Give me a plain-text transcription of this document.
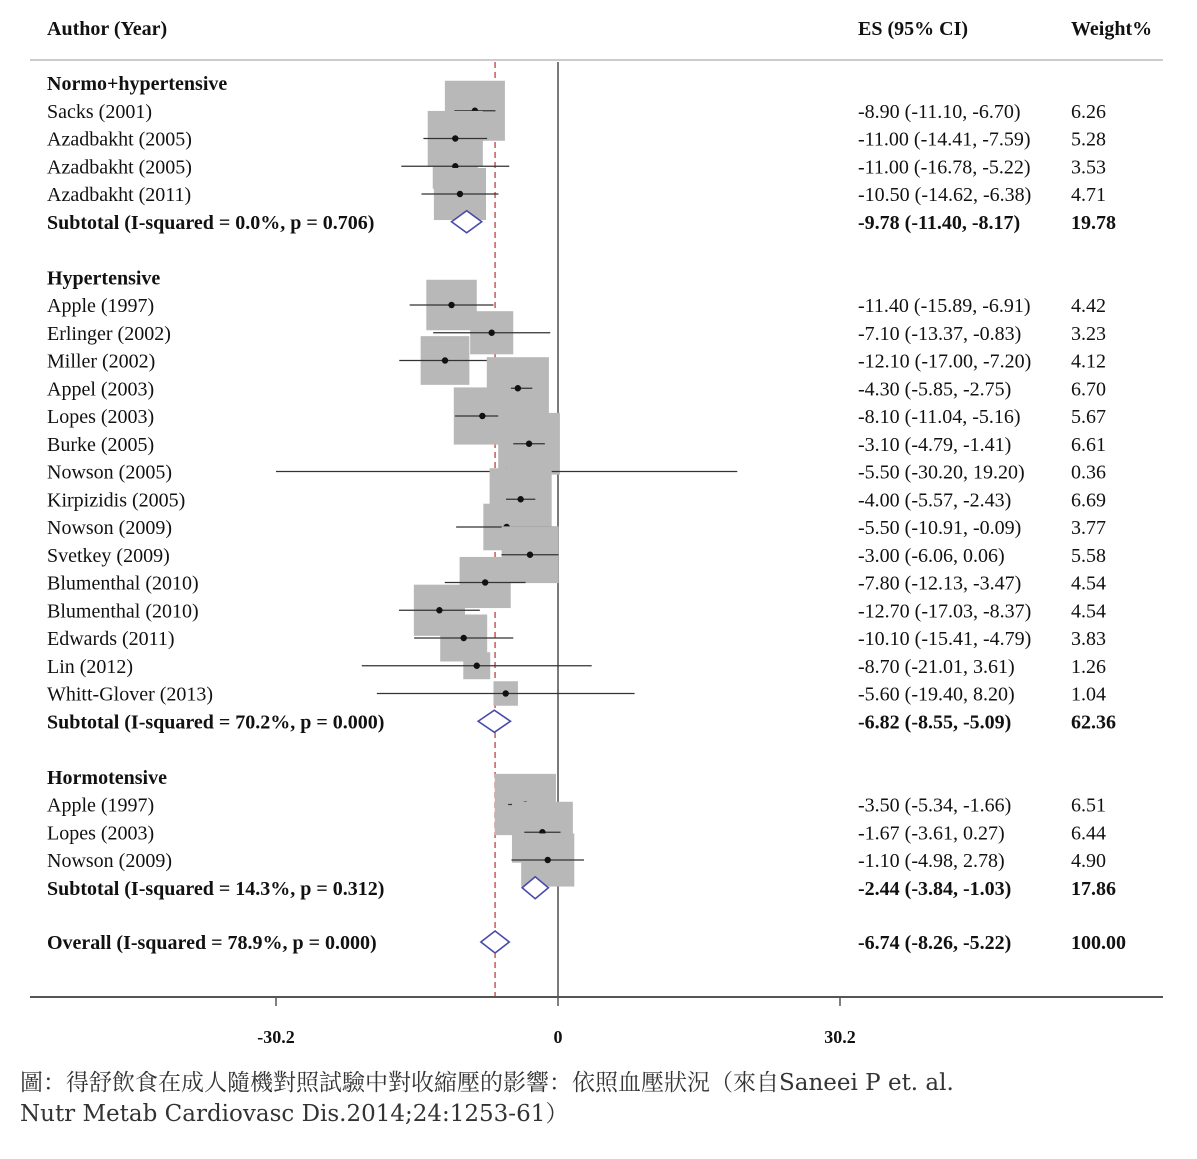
Author (Year)	ES (95% CI)	Weight%
Normo+hypertensive
Sacks (2001)	-8.90 (-11.10, -6.70)	6.26
Azadbakht (2005)	-11.00 (-14.41, -7.59) 5.28
Azadbakht (2005)	-11.00 (-16.78, -5.22) 3.53
Azadbakht (2011)	-10.50 (-14.62, -6.38) 4.71
Subtotal (I-squared = 0.0%, p = 0.706)	-9.78 (-11.40, -8.17)	19.78
Hypertensive
Apple (1997)	-11.40 (-15.89, -6.91) 4.42
Erlinger (2002)	-7.10 (-13.37, -0.83) 3.23
Miller (2002)	-12.10 (-17.00, -7.20) 4.12
Appel (2003)	-4.30 (-5.85, -2.75)	6.70
Lopes (2003)	-8.10 (-11.04, -5.16)	5.67
Burke (2005)	-3.10 (-4.79, -1.41)	6.61
Nowson (2005)	-5.50 (-30.20, 19.20) 0.36
Kirpizidis (2005)	-4.00 (-5.57, -2.43)	6.69
Nowson (2009)	-5.50 (-10.91, -0.09) 3.77
Svetkey (2009)	-3.00 (-6.06, 0.06)	5.58
Blumenthal (2010)	-7.80 (-12.13, -3.47) 4.54
Blumenthal (2010)	-12.70 (-17.03, -8.37) 4.54
Edwards (2011)	-10.10 (-15.41, -4.79) 3.83
Lin (2012)	-8.70 (-21.01, 3.61)	1.26
Whitt-Glover (2013)	-5.60 (-19.40, 8.20)	1.04
Subtotal (I-squared = 70.2%, p = 0.000)	-6.82 (-8.55, -5.09)	62.36
Hormotensive
Apple (1997)	-3.50 (-5.34, -1.66)	6.51
Lopes (2003)	-1.67 (-3.61, 0.27)	6.44
Nowson (2009)	-1.10 (-4.98, 2.78)	4.90
Subtotal (I-squared = 14.3%, p = 0.312)	-2.44 (-3.84, -1.03)	17.86
Overall (I-squared = 78.9%, p = 0.000)	-6.74 (-8.26, -5.22)	100.00
-30.2	0	30.2
圖：得舒飲食在成人隨機對照試驗中對收縮壓的影響：依照血壓狀況（來自Saneei P et. al.
Nutr Metab Cardiovasc Dis.2014;24:1253-61）
